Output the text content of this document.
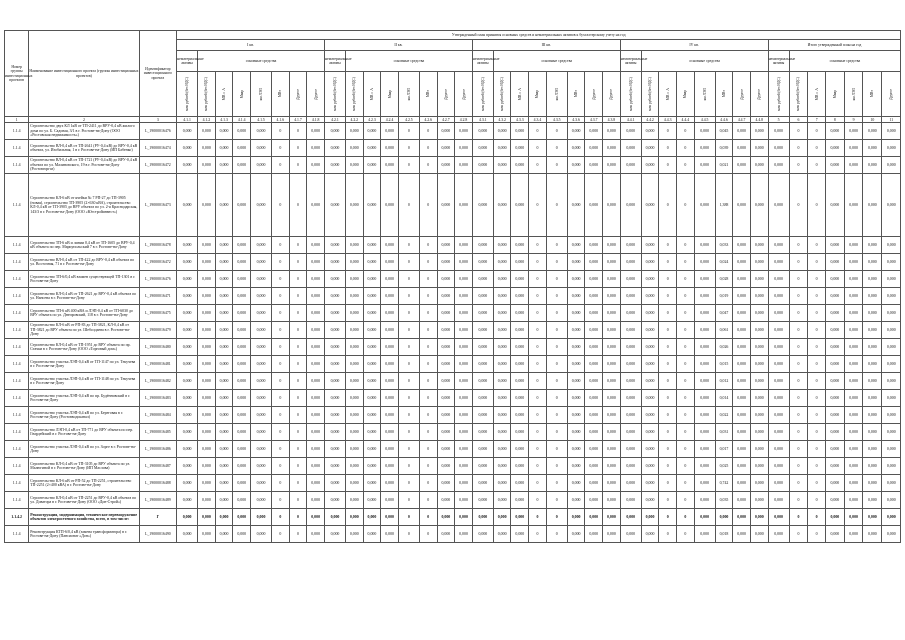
Номер группы инвестиционных проектов	Наименование инвестиционного проекта (группы инвестиционных проектов)	Идентификатор инвестиционного проекта	Утвержденный план принятия основных средств и нематериальных активов к бухгалтерскому учету на год																																						
			I кв.								II кв.								III кв.								IV кв.								Итого утвержденный план на год						
			нематериальные активы	основные средства							нематериальные активы	основные средства							нематериальные активы	основные средства							нематериальные активы	основные средства							нематериальные активы	основные средства					

			млн рублей (без НДС)	млн рублей (без НДС)	МВ×А	Мвар	км ЛЭП	МВт	Другое	Другое	млн рублей (без НДС)	млн рублей (без НДС)	МВ×А	Мвар	км ЛЭП	МВт	Другое	Другое	млн рублей (без НДС)	млн рублей (без НДС)	МВ×А	Мвар	км ЛЭП	МВт	Другое	Другое	млн рублей (без НДС)	млн рублей (без НДС)	МВ×А	Мвар	км ЛЭП	МВт	Другое	Другое	млн рублей (без НДС)	млн рублей (без НДС)	МВ×А	Мвар	км ЛЭП	МВт	Другое

1	2	3	4.1.1	4.1.2	4.1.3	4.1.4	4.1.5	4.1.6	4.1.7	4.1.8	4.2.1	4.2.2	4.2.3	4.2.4	4.2.5	4.2.6	4.2.7	4.2.8	4.3.1	4.3.2	4.3.3	4.3.4	4.3.5	4.3.6	4.3.7	4.3.8	4.4.1	4.4.2	4.4.3	4.4.4	4.4.5	4.4.6	4.4.7	4.4.8	5	6	7	8	9	10	11
1.1.4	Строительство двух КЛ 1кВ от ТП-2411 до ВРУ-0,4 кВ жилого дома по ул. Б. Садовая, 3/1 в г. Ростове-на-Дону (ООО «Ростовская недвижимость»)	L_19000016476	0,000	0,000	0,000	0,000	0,000	0	0	0,000	0,000	0,000	0,000	0,000	0	0	0,000	0,000	0,000	0,000	0,000	0	0	0,000	0,000	0,000	0,000	0,000	0	0	0,000	0,045	0,000	0,000	0,000	0	0	0,000	0,000	0,000	0,000
1.1.4	Строительство ВЛ-0,4 кВ от ТП-2641 (РУ-0,4 кВ) до ВРУ-0,4 кВ объекта, ул. Изобильная, 1 в г. Ростове-на-Дону (ИП Бабенко)	L_19000016474	0,000	0,000	0,000	0,000	0,000	0	0	0,000	0,000	0,000	0,000	0,000	0	0	0,000	0,000	0,000	0,000	0,000	0	0	0,000	0,000	0,000	0,000	0,000	0	0	0,000	0,039	0,000	0,000	0,000	0	0	0,000	0,000	0,000	0,000
1.1.4	Строительство ВЛ-0,4 кВ от ТП-1721 (РУ-0,4 кВ) до ВРУ-0,4 кВ объекта по ул. Малиновского, 19 в г. Ростове-на-Дону (Ростовгоргаз)	L_19000016472	0,000	0,000	0,000	0,000	0,000	0	0	0,000	0,000	0,000	0,000	0,000	0	0	0,000	0,000	0,000	0,000	0,000	0	0	0,000	0,000	0,000	0,000	0,000	0	0	0,000	0,021	0,000	0,000	0,000	0	0	0,000	0,000	0,000	0,000
1.1.4	Строительство КЛ-6 кВ от ячейки № 7 РП-27 до ТП-3905 (новая), строительство ТП-3905 (2×630 кВА), строительство КЛ-0,4 кВ от ТП-3905 до ВРУ объекта по ул. 2-я Краснодарская, 143/3 в г. Ростове-на-Дону (ООО «Югстройинвест»)	L_19000016473	0,000	0,000	0,000	0,000	0,000	0	0	0,000	0,000	0,000	0,000	0,000	0	0	0,000	0,000	0,000	0,000	0,000	0	0	0,000	0,000	0,000	0,000	0,000	0	0	0,000	1,388	0,000	0,000	0,000	0	0	0,000	0,000	0,000	0,000
1.1.4	Строительство ТП-6 кВ и линии 0,4 кВ от ТП-1605 до ВРУ-0,4 кВ объекта по пер. Мариупольский 7 в г. Ростове-на-Дону	L_19000016478	0,000	0,000	0,000	0,000	0,000	0	0	0,000	0,000	0,000	0,000	0,000	0	0	0,000	0,000	0,000	0,000	0,000	0	0	0,000	0,000	0,000	0,000	0,000	0	0	0,000	0,033	0,000	0,000	0,000	0	0	0,000	0,000	0,000	0,000
1.1.4	Строительство ВЛ-0,4 кВ от ТП-422 до ВРУ-0,4 кВ объекта по ул. Восточная, 71 в г. Ростове-на-Дону	L_19000016472	0,000	0,000	0,000	0,000	0,000	0	0	0,000	0,000	0,000	0,000	0,000	0	0	0,000	0,000	0,000	0,000	0,000	0	0	0,000	0,000	0,000	0,000	0,000	0	0	0,000	0,024	0,000	0,000	0,000	0	0	0,000	0,000	0,000	0,000
1.1.4	Строительство ТП-6/0,4 кВ взамен существующей ТП-1301 в г. Ростове-на-Дону	L_19000016476	0,000	0,000	0,000	0,000	0,000	0	0	0,000	0,000	0,000	0,000	0,000	0	0	0,000	0,000	0,000	0,000	0,000	0	0	0,000	0,000	0,000	0,000	0,000	0	0	0,000	0,028	0,000	0,000	0,000	0	0	0,000	0,000	0,000	0,000
1.1.4	Строительство КЛ-0,4 кВ от ТП-2621 до ВРУ-0,4 кВ объекта по ул. Нансена в г. Ростове-на-Дону	L_19000016471	0,000	0,000	0,000	0,000	0,000	0	0	0,000	0,000	0,000	0,000	0,000	0	0	0,000	0,000	0,000	0,000	0,000	0	0	0,000	0,000	0,000	0,000	0,000	0	0	0,000	0,019	0,000	0,000	0,000	0	0	0,000	0,000	0,000	0,000
1.1.4	Строительство ТП-6 кВ 400 кВА и ЛЭП-0,4 кВ от ТП-6030 до ВРУ объекта по ул. Днепровский, 118 в г. Ростове-на-Дону	L_19000016475	0,000	0,000	0,000	0,000	0,000	0	0	0,000	0,000	0,000	0,000	0,000	0	0	0,000	0,000	0,000	0,000	0,000	0	0	0,000	0,000	0,000	0,000	0,000	0	0	0,000	0,047	0,000	0,000	0,000	0	0	0,000	0,000	0,000	0,000
1.1.4	Строительство КЛ-6 кВ от РП-83 до ТП-3821, КЛ-0,4 кВ от ТП-3821 до ВРУ объекта по ул. Шеболдаева в г. Ростове-на-Дону	L_19000016479	0,000	0,000	0,000	0,000	0,000	0	0	0,000	0,000	0,000	0,000	0,000	0	0	0,000	0,000	0,000	0,000	0,000	0	0	0,000	0,000	0,000	0,000	0,000	0	0	0,000	0,061	0,000	0,000	0,000	0	0	0,000	0,000	0,000	0,000
1.1.4	Строительство КЛ-0,4 кВ от ТП-1951 до ВРУ объекта по пр. Стачки в г. Ростове-на-Дону (ООО «Торговый дом»)	L_19000016480	0,000	0,000	0,000	0,000	0,000	0	0	0,000	0,000	0,000	0,000	0,000	0	0	0,000	0,000	0,000	0,000	0,000	0	0	0,000	0,000	0,000	0,000	0,000	0	0	0,000	0,026	0,000	0,000	0,000	0	0	0,000	0,000	0,000	0,000
1.1.4	Строительство участка ЛЭП-0,4 кВ от ТП-1147 по ул. Текучева в г. Ростове-на-Дону	L_19000016481	0,000	0,000	0,000	0,000	0,000	0	0	0,000	0,000	0,000	0,000	0,000	0	0	0,000	0,000	0,000	0,000	0,000	0	0	0,000	0,000	0,000	0,000	0,000	0	0	0,000	0,015	0,000	0,000	0,000	0	0	0,000	0,000	0,000	0,000
1.1.4	Строительство участка ЛЭП-0,4 кВ от ТП-1148 по ул. Текучева в г. Ростове-на-Дону	L_19000016482	0,000	0,000	0,000	0,000	0,000	0	0	0,000	0,000	0,000	0,000	0,000	0	0	0,000	0,000	0,000	0,000	0,000	0	0	0,000	0,000	0,000	0,000	0,000	0	0	0,000	0,012	0,000	0,000	0,000	0	0	0,000	0,000	0,000	0,000
1.1.4	Строительство участка ЛЭП-0,4 кВ по пр. Будённовский в г. Ростове-на-Дону	L_19000016483	0,000	0,000	0,000	0,000	0,000	0	0	0,000	0,000	0,000	0,000	0,000	0	0	0,000	0,000	0,000	0,000	0,000	0	0	0,000	0,000	0,000	0,000	0,000	0	0	0,000	0,014	0,000	0,000	0,000	0	0	0,000	0,000	0,000	0,000
1.1.4	Строительство участка ЛЭП-0,4 кВ по ул. Береговая в г. Ростове-на-Дону (Ростовводоканал)	L_19000016484	0,000	0,000	0,000	0,000	0,000	0	0	0,000	0,000	0,000	0,000	0,000	0	0	0,000	0,000	0,000	0,000	0,000	0	0	0,000	0,000	0,000	0,000	0,000	0	0	0,000	0,022	0,000	0,000	0,000	0	0	0,000	0,000	0,000	0,000
1.1.4	Строительство ЛЭП-0,4 кВ от ТП-771 до ВРУ объекта по пер. Гвардейский в г. Ростове-на-Дону	L_19000016485	0,000	0,000	0,000	0,000	0,000	0	0	0,000	0,000	0,000	0,000	0,000	0	0	0,000	0,000	0,000	0,000	0,000	0	0	0,000	0,000	0,000	0,000	0,000	0	0	0,000	0,031	0,000	0,000	0,000	0	0	0,000	0,000	0,000	0,000
1.1.4	Строительство участка ЛЭП-0,4 кВ по ул. Зорге в г. Ростове-на-Дону	L_19000016486	0,000	0,000	0,000	0,000	0,000	0	0	0,000	0,000	0,000	0,000	0,000	0	0	0,000	0,000	0,000	0,000	0,000	0	0	0,000	0,000	0,000	0,000	0,000	0	0	0,000	0,017	0,000	0,000	0,000	0	0	0,000	0,000	0,000	0,000
1.1.4	Строительство КЛ-0,4 кВ от ТП-3105 до ВРУ объекта по ул. Малюгиной в г. Ростове-на-Дону (ИП Маслова)	L_19000016487	0,000	0,000	0,000	0,000	0,000	0	0	0,000	0,000	0,000	0,000	0,000	0	0	0,000	0,000	0,000	0,000	0,000	0	0	0,000	0,000	0,000	0,000	0,000	0	0	0,000	0,025	0,000	0,000	0,000	0	0	0,000	0,000	0,000	0,000
1.1.4	Строительство КЛ-6 кВ от РП-52 до ТП-2251, строительство ТП-2251 (2×400 кВА) в г. Ростове-на-Дону	L_19000016488	0,000	0,000	0,000	0,000	0,000	0	0	0,000	0,000	0,000	0,000	0,000	0	0	0,000	0,000	0,000	0,000	0,000	0	0	0,000	0,000	0,000	0,000	0,000	0	0	0,000	0,742	0,000	0,000	0,000	0	0	0,000	0,000	0,000	0,000
1.1.4	Строительство КЛ-0,4 кВ от ТП-2251 до ВРУ-0,4 кВ объекта по ул. Доватора в г. Ростове-на-Дону (ООО «Дон-Строй»)	L_19000016489	0,000	0,000	0,000	0,000	0,000	0	0	0,000	0,000	0,000	0,000	0,000	0	0	0,000	0,000	0,000	0,000	0,000	0	0	0,000	0,000	0,000	0,000	0,000	0	0	0,000	0,035	0,000	0,000	0,000	0	0	0,000	0,000	0,000	0,000
1.1.4.2	Реконструкция, модернизация, техническое перевооружение объектов электросетевого хозяйства, всего, в том числе:	Г	0,000	0,000	0,000	0,000	0,000	0	0	0,000	0,000	0,000	0,000	0,000	0	0	0,000	0,000	0,000	0,000	0,000	0	0	0,000	0,000	0,000	0,000	0,000	0	0	0,000	0,000	0,000	0,000	0,000	0	0	0,000	0,000	0,000	0,000
1.1.4	Реконструкция КТП-6/0,4 кВ (замена трансформатора) в г. Ростове-на-Дону (Пансионат «Дон»)	L_19000016490	0,000	0,000	0,000	0,000	0,000	0	0	0,000	0,000	0,000	0,000	0,000	0	0	0,000	0,000	0,000	0,000	0,000	0	0	0,000	0,000	0,000	0,000	0,000	0	0	0,000	0,018	0,000	0,000	0,000	0	0	0,000	0,000	0,000	0,000
